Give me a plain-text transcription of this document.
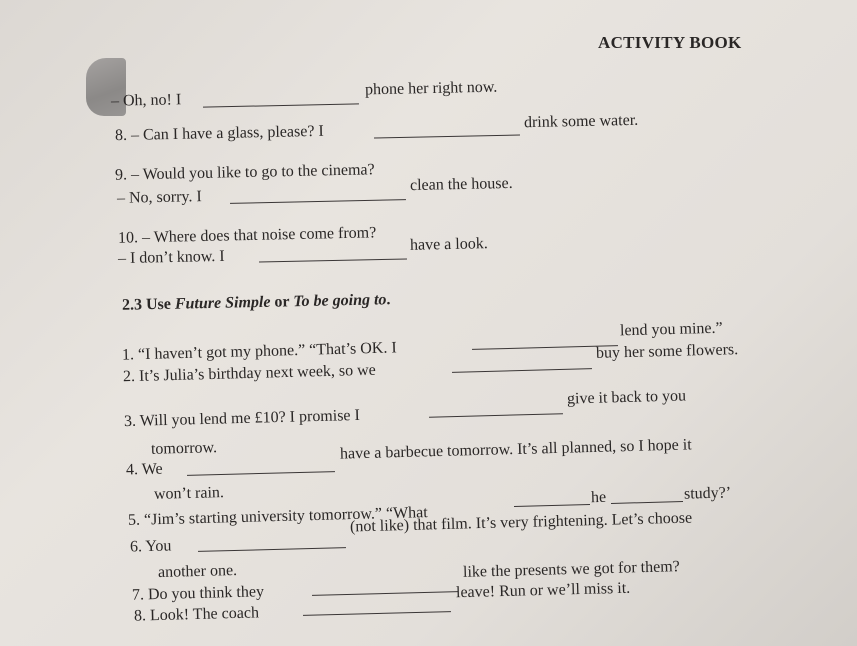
ACTIVITY BOOK
– Oh, no! I
phone her right now.
8. – Can I have a glass, please? I
drink some water.
9. – Would you like to go to the cinema?
– No, sorry. I
clean the house.
10. – Where does that noise come from?
– I don’t know. I
have a look.
2.3 Use Future Simple or To be going to.
1. “I haven’t got my phone.” “That’s OK. I
lend you mine.”
2. It’s Julia’s birthday next week, so we
buy her some flowers.
3. Will you lend me £10? I promise I
give it back to you
tomorrow.
4. We
have a barbecue tomorrow. It’s all planned, so I hope it
won’t rain.
5. “Jim’s starting university tomorrow.” “What
he	study?’
6. You
(not like) that film. It’s very frightening. Let’s choose
another one.
7. Do you think they
like the presents we got for them?
8. Look! The coach
leave! Run or we’ll miss it.
